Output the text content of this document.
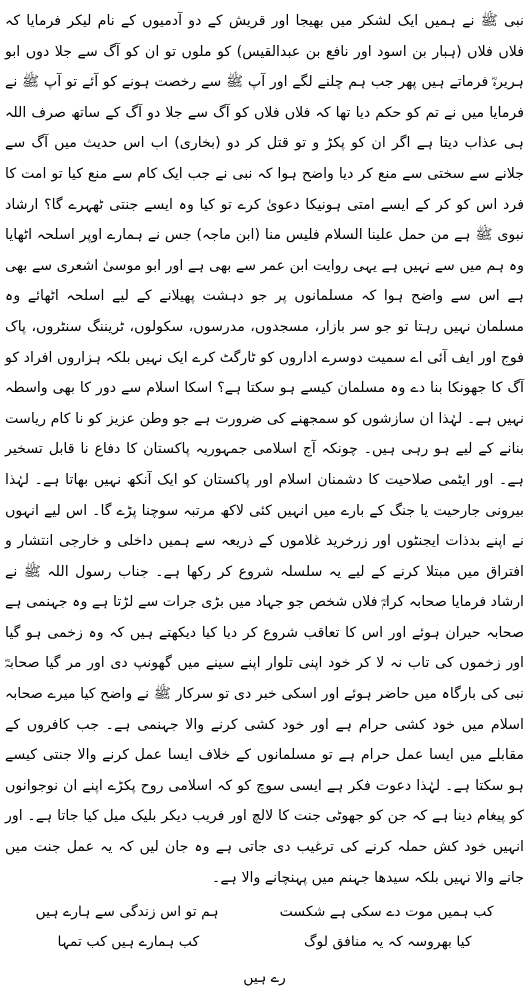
نبی ﷺ نے ہمیں ایک لشکر میں بھیجا اور قریش کے دو آدمیوں کے نام لیکر فرمایا کہ فلاں فلاں (ہبار بن اسود اور نافع بن عبدالقیس) کو ملوں تو ان کو آگ سے جلا دوں ابو ہریرہؓ فرماتے ہیں پھر جب ہم چلنے لگے اور آپ ﷺ سے رخصت ہونے کو آئے تو آپ ﷺ نے فرمایا میں نے تم کو حکم دیا تھا کہ فلاں فلاں کو آگ سے جلا دو آگ کے ساتھ صرف اللہ ہی عذاب دیتا ہے اگر ان کو پکڑ و تو قتل کر دو (بخاری) اب اس حدیث میں آگ سے جلانے سے سختی سے منع کر دیا واضح ہوا کہ نبی نے جب ایک کام سے منع کیا تو امت کا فرد اس کو کر کے ایسے امتی ہونیکا دعویٰ کرے تو کیا وہ ایسے جنتی ٹھہرے گا؟ ارشاد نبوی ﷺ ہے من حمل علینا السلام فلیس منا (ابن ماجہ) جس نے ہمارے اوپر اسلحہ اٹھایا وہ ہم میں سے نہیں ہے یہی روایت ابن عمر سے بھی ہے اور ابو موسیٰ اشعری سے بھی ہے اس سے واضح ہوا کہ مسلمانوں پر جو دہشت پھیلانے کے لیے اسلحہ اٹھائے وہ مسلمان نہیں رہتا تو جو سر بازار، مسجدوں، مدرسوں، سکولوں، ٹریننگ سنٹروں، پاک فوج اور ایف آئی اے سمیت دوسرے اداروں کو ٹارگٹ کرے ایک نہیں بلکہ ہزاروں افراد کو آگ کا جھونکا بنا دے وہ مسلمان کیسے ہو سکتا ہے؟ اسکا اسلام سے دور کا بھی واسطہ نہیں ہے۔ لہٰذا ان سازشوں کو سمجھنے کی ضرورت ہے جو وطن عزیز کو نا کام ریاست بنانے کے لیے ہو رہی ہیں۔ چونکہ آج اسلامی جمہوریہ پاکستان کا دفاع نا قابل تسخیر ہے۔ اور ایٹمی صلاحیت کا دشمنان اسلام اور پاکستان کو ایک آنکھ نہیں بھاتا ہے۔ لہٰذا بیرونی جارحیت یا جنگ کے بارے میں انہیں کئی لاکھ مرتبہ سوچنا پڑے گا۔ اس لیے انہوں نے اپنے بدذات ایجنٹوں اور زرخرید غلاموں کے ذریعہ سے ہمیں داخلی و خارجی انتشار و افتراق میں مبتلا کرنے کے لیے یہ سلسلہ شروع کر رکھا ہے۔ جناب رسول اللہ ﷺ نے ارشاد فرمایا صحابہ کرامؓ فلاں شخص جو جہاد میں بڑی جرات سے لڑتا ہے وہ جہنمی ہے صحابہ حیران ہوئے اور اس کا تعاقب شروع کر دیا کیا دیکھتے ہیں کہ وہ زخمی ہو گیا اور زخموں کی تاب نہ لا کر خود اپنی تلوار اپنے سینے میں گھونپ دی اور مر گیا صحابہؓ نبی کی بارگاہ میں حاضر ہوئے اور اسکی خبر دی تو سرکار ﷺ نے واضح کیا میرے صحابہ اسلام میں خود کشی حرام ہے اور خود کشی کرنے والا جہنمی ہے۔ جب کافروں کے مقابلے میں ایسا عمل حرام ہے تو مسلمانوں کے خلاف ایسا عمل کرنے والا جنتی کیسے ہو سکتا ہے۔ لہٰذا دعوت فکر ہے ایسی سوچ کو کہ اسلامی روح پکڑے اپنے ان نوجوانوں کو پیغام دینا ہے کہ جن کو جھوٹی جنت کا لالچ اور فریب دیکر بلیک میل کیا جاتا ہے۔ اور انہیں خود کش حملہ کرنے کی ترغیب دی جاتی ہے وہ جان لیں کہ یہ عمل جنت میں جانے والا نہیں بلکہ سیدھا جہنم میں پہنچانے والا ہے۔

کب ہمیں موت دے سکی ہے شکست
ہم تو اس زندگی سے ہارے ہیں
کیا بھروسہ کہ یہ منافق لوگ
کب ہمارے ہیں کب تمہا
رے ہیں
